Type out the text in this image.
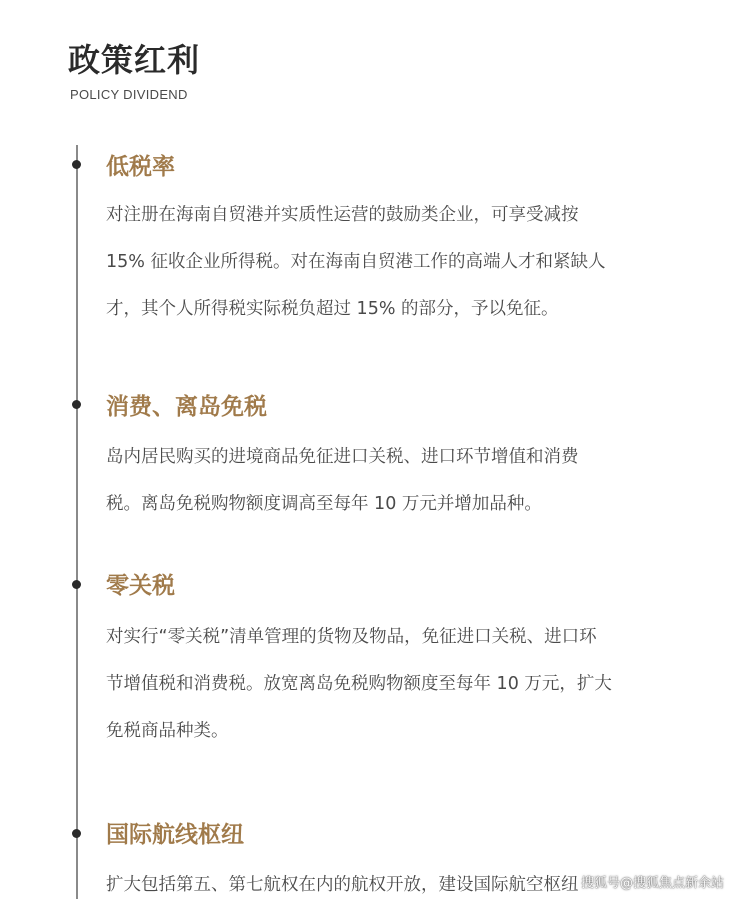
政策红利
POLICY DIVIDEND
低税率
对注册在海南自贸港并实质性运营的鼓励类企业，可享受减按
15% 征收企业所得税。对在海南自贸港工作的高端人才和紧缺人
才，其个人所得税实际税负超过 15% 的部分，予以免征。
消费、离岛免税
岛内居民购买的进境商品免征进口关税、进口环节增值和消费
税。离岛免税购物额度调高至每年 10 万元并增加品种。
零关税
对实行“零关税”清单管理的货物及物品，免征进口关税、进口环
节增值税和消费税。放宽离岛免税购物额度至每年 10 万元，扩大
免税商品种类。
国际航线枢纽
扩大包括第五、第七航权在内的航权开放，建设国际航空枢纽 搜狐号@搜狐焦点新余站
